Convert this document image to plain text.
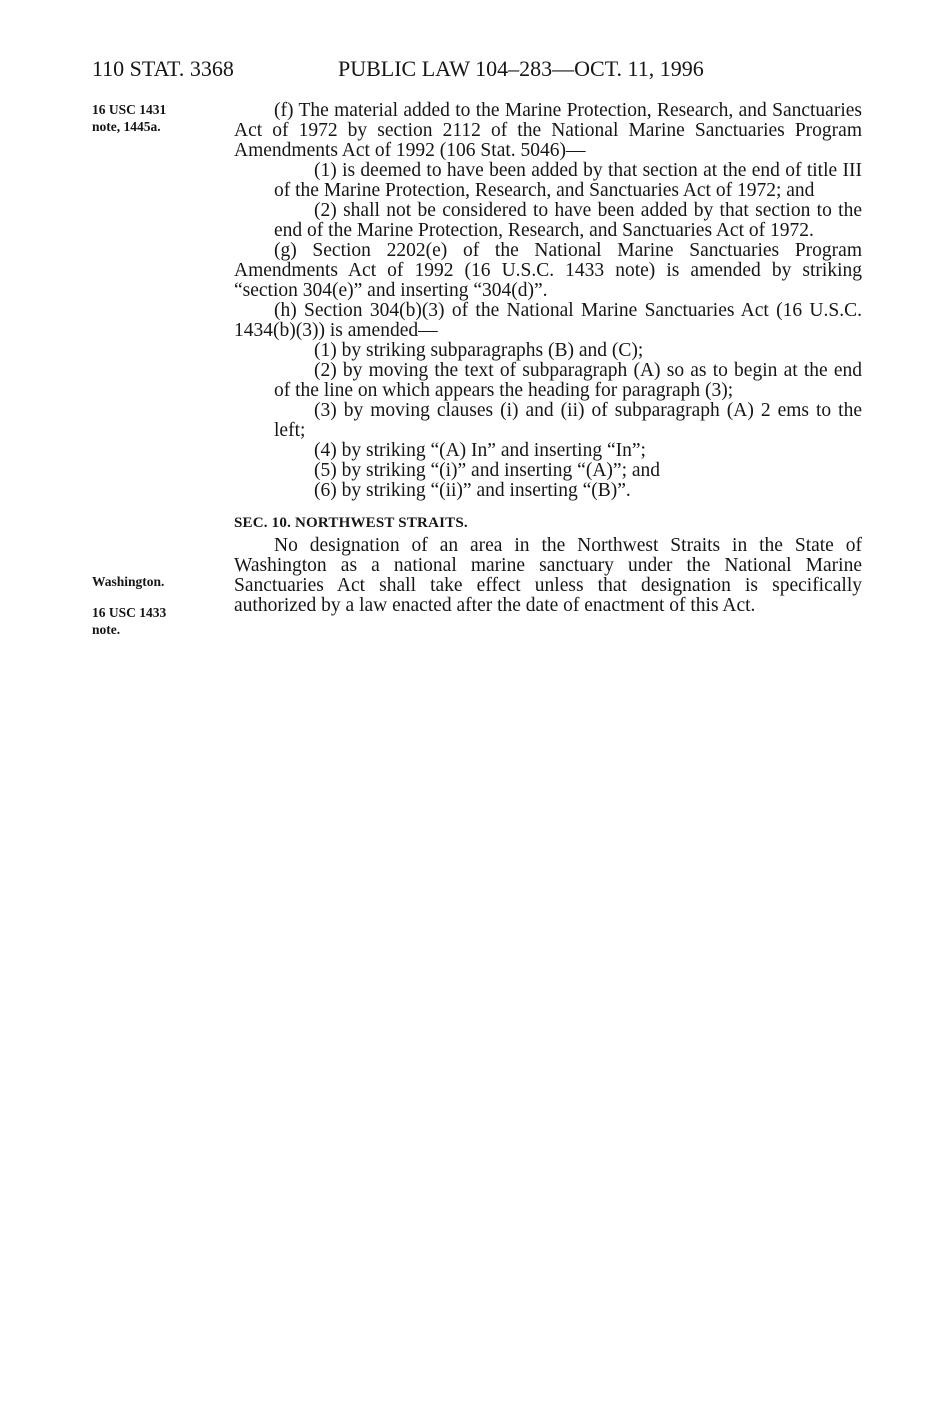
110 STAT. 3368	PUBLIC LAW 104–283—OCT. 11, 1996
16 USC 1431
note, 1445a.
Washington.
16 USC 1433
note.

(f) The material added to the Marine Protection, Research, and Sanctuaries Act of 1972 by section 2112 of the National Marine Sanctuaries Program Amendments Act of 1992 (106 Stat. 5046)—

(1) is deemed to have been added by that section at the end of title III of the Marine Protection, Research, and Sanctuaries Act of 1972; and

(2) shall not be considered to have been added by that section to the end of the Marine Protection, Research, and Sanctuaries Act of 1972.

(g) Section 2202(e) of the National Marine Sanctuaries Program Amendments Act of 1992 (16 U.S.C. 1433 note) is amended by striking “section 304(e)” and inserting “304(d)”.

(h) Section 304(b)(3) of the National Marine Sanctuaries Act (16 U.S.C. 1434(b)(3)) is amended—

(1) by striking subparagraphs (B) and (C);

(2) by moving the text of subparagraph (A) so as to begin at the end of the line on which appears the heading for paragraph (3);

(3) by moving clauses (i) and (ii) of subparagraph (A) 2 ems to the left;

(4) by striking “(A) In” and inserting “In”;

(5) by striking “(i)” and inserting “(A)”; and

(6) by striking “(ii)” and inserting “(B)”.

SEC. 10. NORTHWEST STRAITS.

No designation of an area in the Northwest Straits in the State of Washington as a national marine sanctuary under the National Marine Sanctuaries Act shall take effect unless that designation is specifically authorized by a law enacted after the date of enactment of this Act.
